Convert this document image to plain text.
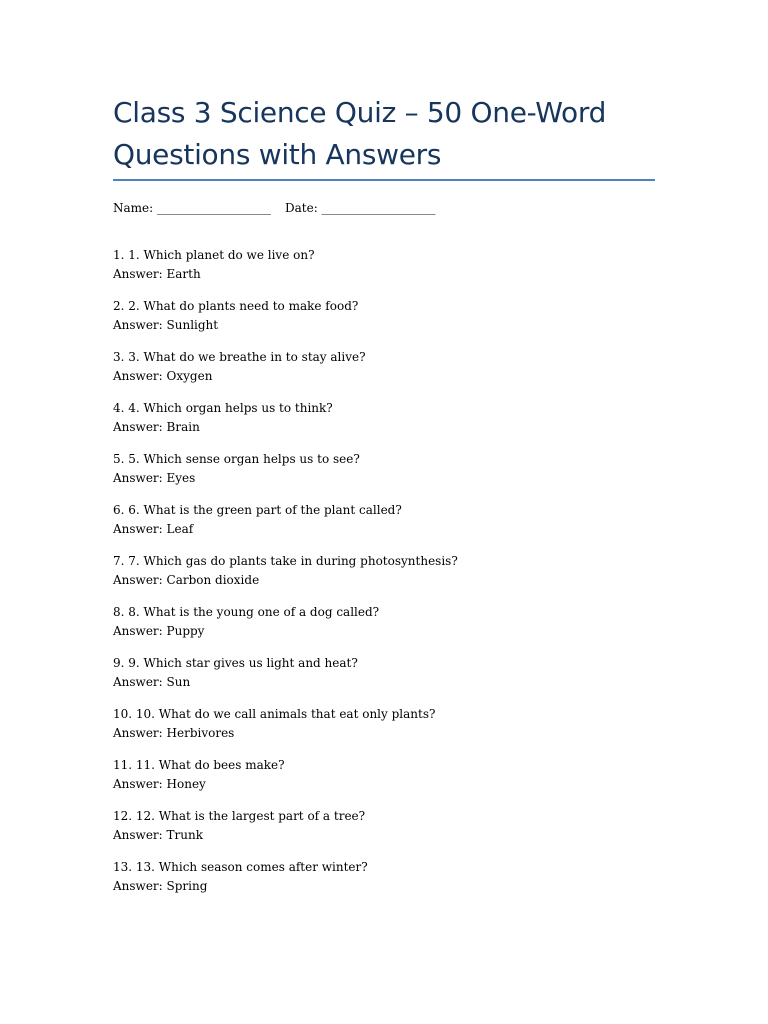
Class 3 Science Quiz – 50 One-Word Questions with Answers
Name: ___________________ Date: ___________________
1. 1. Which planet do we live on?
Answer: Earth
2. 2. What do plants need to make food?
Answer: Sunlight
3. 3. What do we breathe in to stay alive?
Answer: Oxygen
4. 4. Which organ helps us to think?
Answer: Brain
5. 5. Which sense organ helps us to see?
Answer: Eyes
6. 6. What is the green part of the plant called?
Answer: Leaf
7. 7. Which gas do plants take in during photosynthesis?
Answer: Carbon dioxide
8. 8. What is the young one of a dog called?
Answer: Puppy
9. 9. Which star gives us light and heat?
Answer: Sun
10. 10. What do we call animals that eat only plants?
Answer: Herbivores
11. 11. What do bees make?
Answer: Honey
12. 12. What is the largest part of a tree?
Answer: Trunk
13. 13. Which season comes after winter?
Answer: Spring
